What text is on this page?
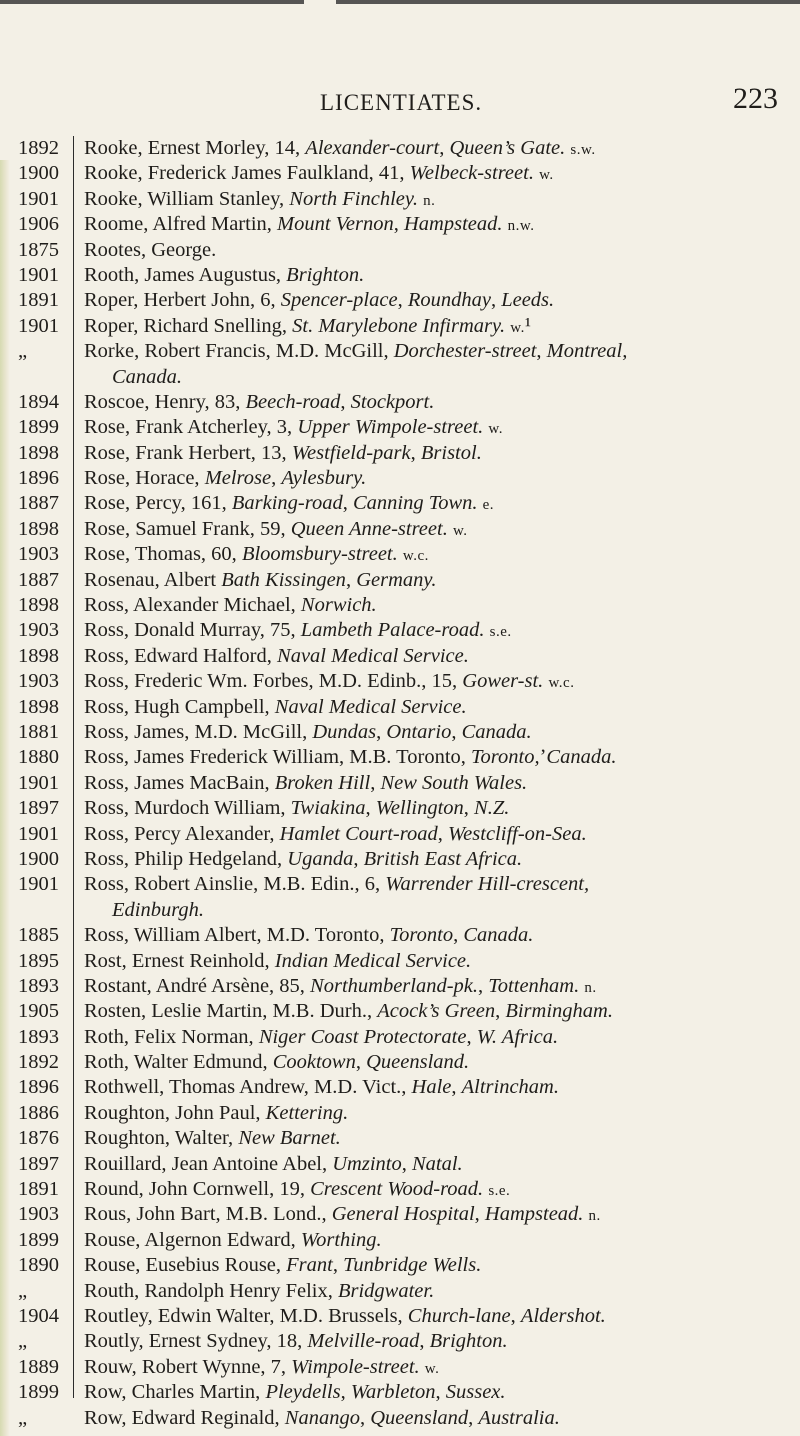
LICENTIATES.	223
1892 Rooke, Ernest Morley, 14, Alexander-court, Queen’s Gate. s.w.
1900 Rooke, Frederick James Faulkland, 41, Welbeck-street. w.
1901 Rooke, William Stanley, North Finchley. n.
1906 Roome, Alfred Martin, Mount Vernon, Hampstead. n.w.
1875 Rootes, George.
1901 Rooth, James Augustus, Brighton.
1891 Roper, Herbert John, 6, Spencer-place, Roundhay, Leeds.
1901 Roper, Richard Snelling, St. Marylebone Infirmary. w.¹
„	Rorke, Robert Francis, M.D. McGill, Dorchester-street, Montreal,
Canada.
1894 Roscoe, Henry, 83, Beech-road, Stockport.
1899 Rose, Frank Atcherley, 3, Upper Wimpole-street. w.
1898 Rose, Frank Herbert, 13, Westfield-park, Bristol.
1896 Rose, Horace, Melrose, Aylesbury.
1887 Rose, Percy, 161, Barking-road, Canning Town. e.
1898 Rose, Samuel Frank, 59, Queen Anne-street. w.
1903 Rose, Thomas, 60, Bloomsbury-street. w.c.
1887 Rosenau, Albert Bath Kissingen, Germany.
1898 Ross, Alexander Michael, Norwich.
1903 Ross, Donald Murray, 75, Lambeth Palace-road. s.e.
1898 Ross, Edward Halford, Naval Medical Service.
1903 Ross, Frederic Wm. Forbes, M.D. Edinb., 15, Gower-st. w.c.
1898 Ross, Hugh Campbell, Naval Medical Service.
1881 Ross, James, M.D. McGill, Dundas, Ontario, Canada.
1880 Ross, James Frederick William, M.B. Toronto, Toronto,ʼCanada.
1901 Ross, James MacBain, Broken Hill, New South Wales.
1897 Ross, Murdoch William, Twiakina, Wellington, N.Z.
1901 Ross, Percy Alexander, Hamlet Court-road, Westcliff-on-Sea.
1900 Ross, Philip Hedgeland, Uganda, British East Africa.
1901 Ross, Robert Ainslie, M.B. Edin., 6, Warrender Hill-crescent,
Edinburgh.
1885 Ross, William Albert, M.D. Toronto, Toronto, Canada.
1895 Rost, Ernest Reinhold, Indian Medical Service.
1893 Rostant, André Arsène, 85, Northumberland-pk., Tottenham. n.
1905 Rosten, Leslie Martin, M.B. Durh., Acock’s Green, Birmingham.
1893 Roth, Felix Norman, Niger Coast Protectorate, W. Africa.
1892 Roth, Walter Edmund, Cooktown, Queensland.
1896 Rothwell, Thomas Andrew, M.D. Vict., Hale, Altrincham.
1886 Roughton, John Paul, Kettering.
1876 Roughton, Walter, New Barnet.
1897 Rouillard, Jean Antoine Abel, Umzinto, Natal.
1891 Round, John Cornwell, 19, Crescent Wood-road. s.e.
1903 Rous, John Bart, M.B. Lond., General Hospital, Hampstead. n.
1899 Rouse, Algernon Edward, Worthing.
1890 Rouse, Eusebius Rouse, Frant, Tunbridge Wells.
„	Routh, Randolph Henry Felix, Bridgwater.
1904 Routley, Edwin Walter, M.D. Brussels, Church-lane, Aldershot.
„	Routly, Ernest Sydney, 18, Melville-road, Brighton.
1889 Rouw, Robert Wynne, 7, Wimpole-street. w.
1899 Row, Charles Martin, Pleydells, Warbleton, Sussex.
„	Row, Edward Reginald, Nanango, Queensland, Australia.
